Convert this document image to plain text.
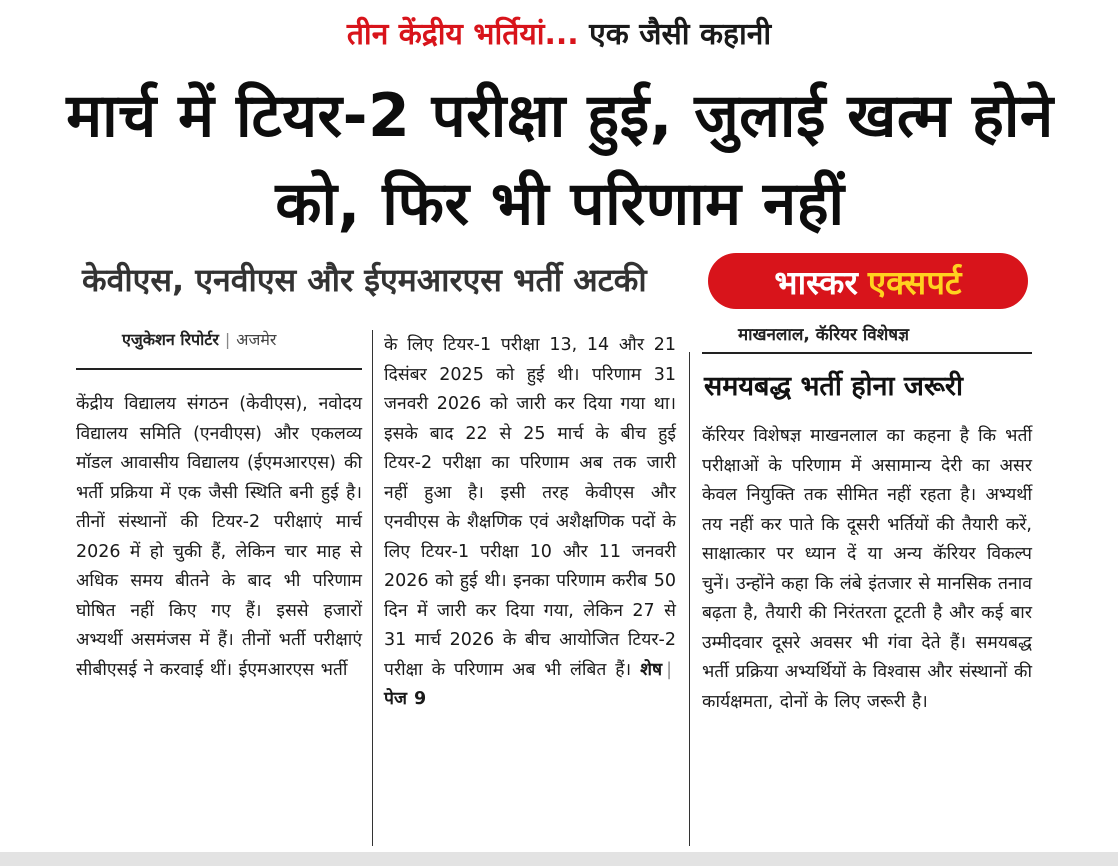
तीन केंद्रीय भर्तियां... एक जैसी कहानी
मार्च में टियर-2 परीक्षा हुई, जुलाई खत्म होने को, फिर भी परिणाम नहीं
केवीएस, एनवीएस और ईएमआरएस भर्ती अटकी	भास्कर एक्सपर्ट
माखनलाल, कॅरियर विशेषज्ञ
एजुकेशन रिपोर्टर | अजमेर
केंद्रीय विद्यालय संगठन (केवीएस), नवोदय विद्यालय समिति (एनवीएस) और एकलव्य मॉडल आवासीय विद्यालय (ईएमआरएस) की भर्ती प्रक्रिया में एक जैसी स्थिति बनी हुई है। तीनों संस्थानों की टियर-2 परीक्षाएं मार्च 2026 में हो चुकी हैं, लेकिन चार माह से अधिक समय बीतने के बाद भी परिणाम घोषित नहीं किए गए हैं। इससे हजारों अभ्यर्थी असमंजस में हैं। तीनों भर्ती परीक्षाएं सीबीएसई ने करवाई थीं। ईएमआरएस भर्ती
के लिए टियर-1 परीक्षा 13, 14 और 21 दिसंबर 2025 को हुई थी। परिणाम 31 जनवरी 2026 को जारी कर दिया गया था। इसके बाद 22 से 25 मार्च के बीच हुई टियर-2 परीक्षा का परिणाम अब तक जारी नहीं हुआ है। इसी तरह केवीएस और एनवीएस के शैक्षणिक एवं अशैक्षणिक पदों के लिए टियर-1 परीक्षा 10 और 11 जनवरी 2026 को हुई थी। इनका परिणाम करीब 50 दिन में जारी कर दिया गया, लेकिन 27 से 31 मार्च 2026 के बीच आयोजित टियर-2 परीक्षा के परिणाम अब भी लंबित हैं। शेष |पेज 9
समयबद्ध भर्ती होना जरूरी
कॅरियर विशेषज्ञ माखनलाल का कहना है कि भर्ती परीक्षाओं के परिणाम में असामान्य देरी का असर केवल नियुक्ति तक सीमित नहीं रहता है। अभ्यर्थी तय नहीं कर पाते कि दूसरी भर्तियों की तैयारी करें, साक्षात्कार पर ध्यान दें या अन्य कॅरियर विकल्प चुनें। उन्होंने कहा कि लंबे इंतजार से मानसिक तनाव बढ़ता है, तैयारी की निरंतरता टूटती है और कई बार उम्मीदवार दूसरे अवसर भी गंवा देते हैं। समयबद्ध भर्ती प्रक्रिया अभ्यर्थियों के विश्वास और संस्थानों की कार्यक्षमता, दोनों के लिए जरूरी है।
